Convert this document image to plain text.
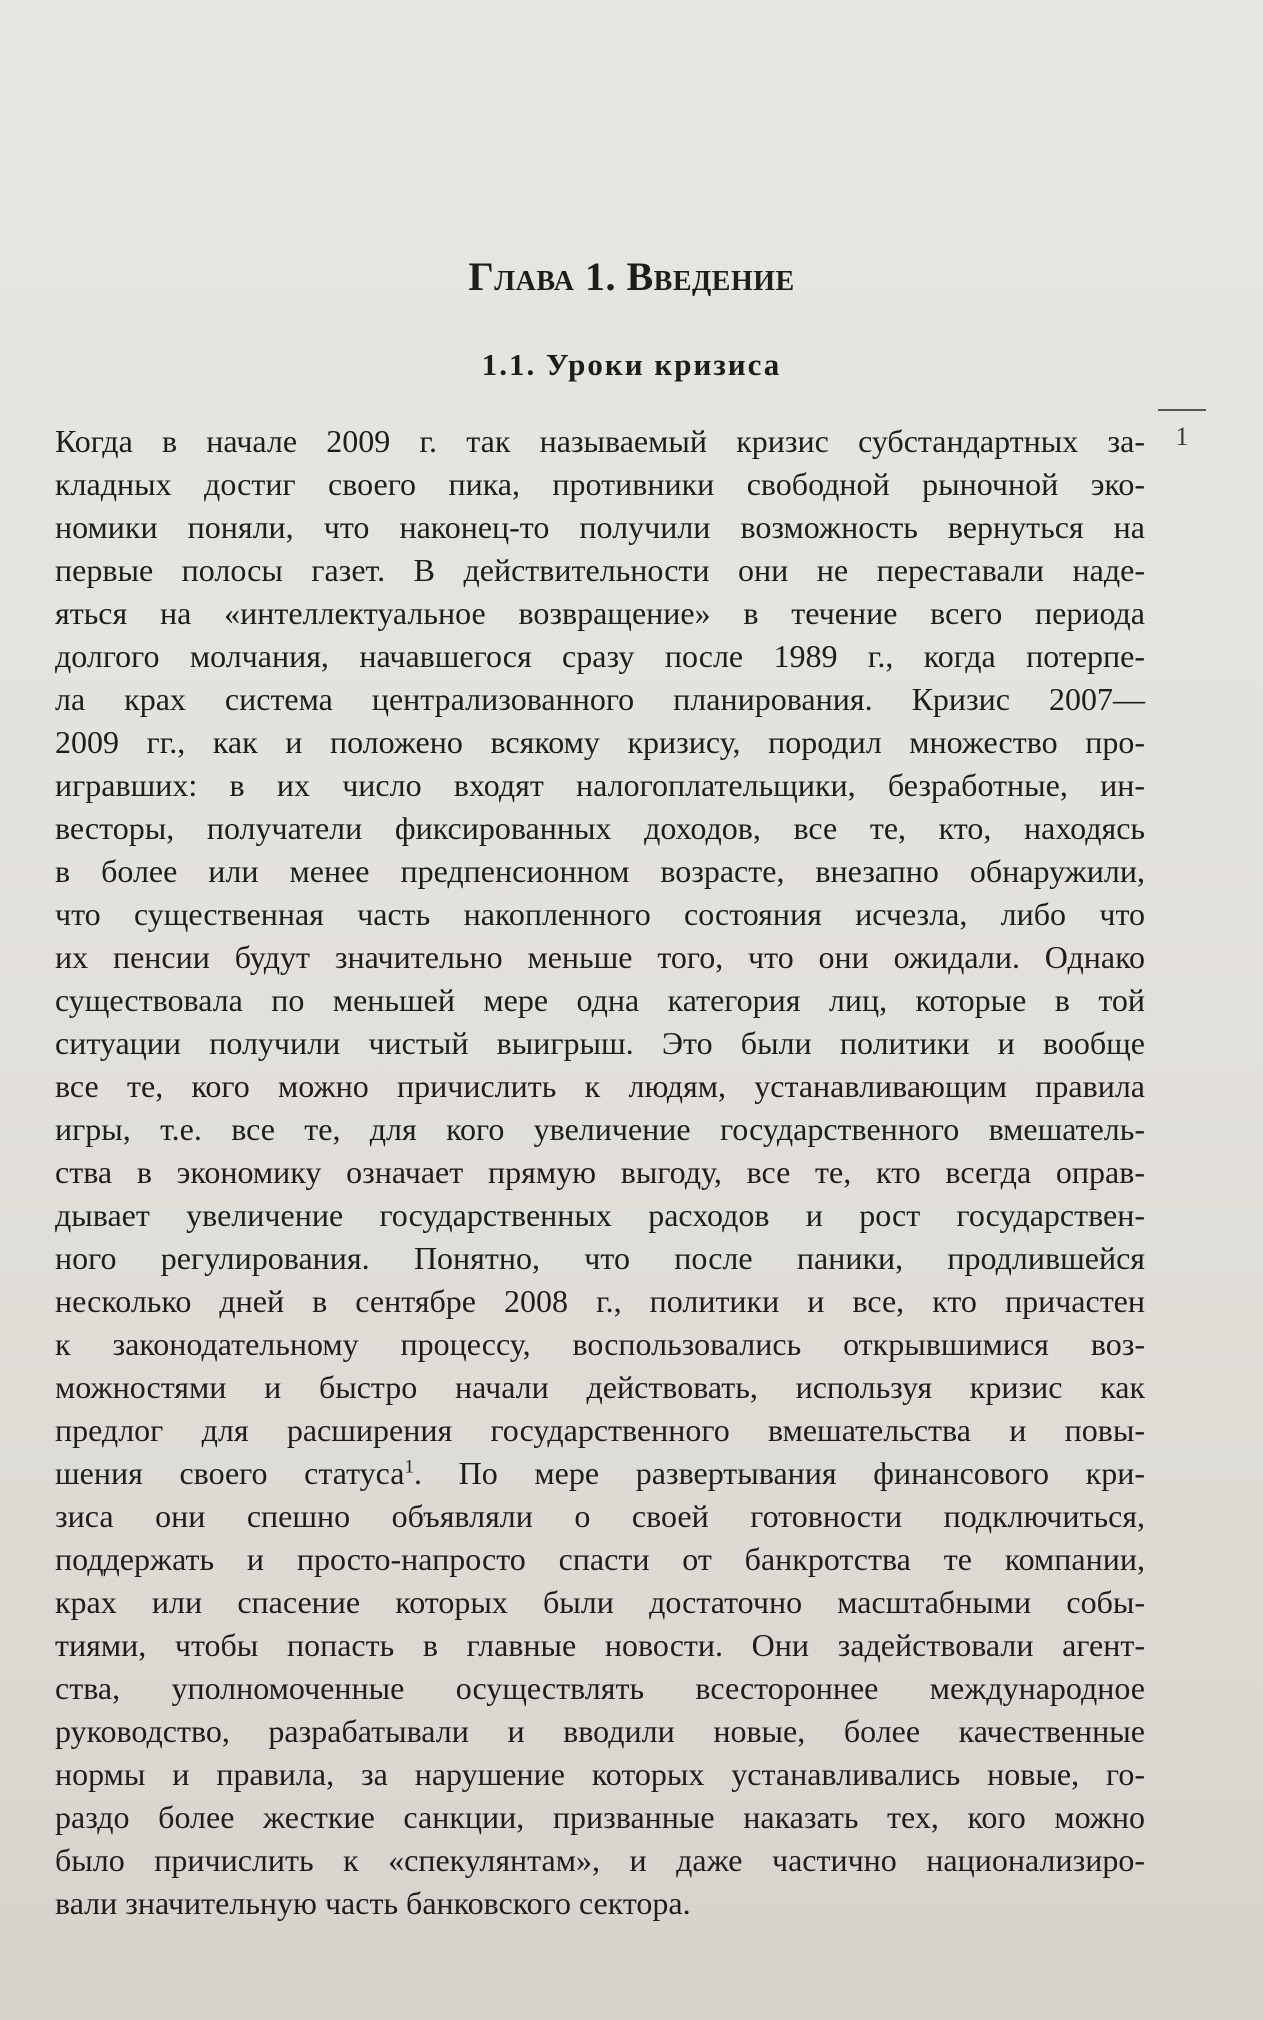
Глава 1. Введение
1.1. Уроки кризиса
1

Когда в начале 2009 г. так называемый кризис субстандартных за-
кладных достиг своего пика, противники свободной рыночной эко-
номики поняли, что наконец-то получили возможность вернуться на
первые полосы газет. В действительности они не переставали наде-
яться на «интеллектуальное возвращение» в течение всего периода
долгого молчания, начавшегося сразу после 1989 г., когда потерпе-
ла крах система централизованного планирования. Кризис 2007—
2009 гг., как и положено всякому кризису, породил множество про-
игравших: в их число входят налогоплательщики, безработные, ин-
весторы, получатели фиксированных доходов, все те, кто, находясь
в более или менее предпенсионном возрасте, внезапно обнаружили,
что существенная часть накопленного состояния исчезла, либо что
их пенсии будут значительно меньше того, что они ожидали. Однако
существовала по меньшей мере одна категория лиц, которые в той
ситуации получили чистый выигрыш. Это были политики и вообще
все те, кого можно причислить к людям, устанавливающим правила
игры, т.е. все те, для кого увеличение государственного вмешатель-
ства в экономику означает прямую выгоду, все те, кто всегда оправ-
дывает увеличение государственных расходов и рост государствен-
ного регулирования. Понятно, что после паники, продлившейся
несколько дней в сентябре 2008 г., политики и все, кто причастен
к законодательному процессу, воспользовались открывшимися воз-
можностями и быстро начали действовать, используя кризис как
предлог для расширения государственного вмешательства и повы-
шения своего статуса$^1$. По мере развертывания финансового кри-
зиса они спешно объявляли о своей готовности подключиться,
поддержать и просто-напросто спасти от банкротства те компании,
крах или спасение которых были достаточно масштабными собы-
тиями, чтобы попасть в главные новости. Они задействовали агент-
ства, уполномоченные осуществлять всестороннее международное
руководство, разрабатывали и вводили новые, более качественные
нормы и правила, за нарушение которых устанавливались новые, го-
раздо более жесткие санкции, призванные наказать тех, кого можно
было причислить к «спекулянтам», и даже частично национализиро-
вали значительную часть банковского сектора.
